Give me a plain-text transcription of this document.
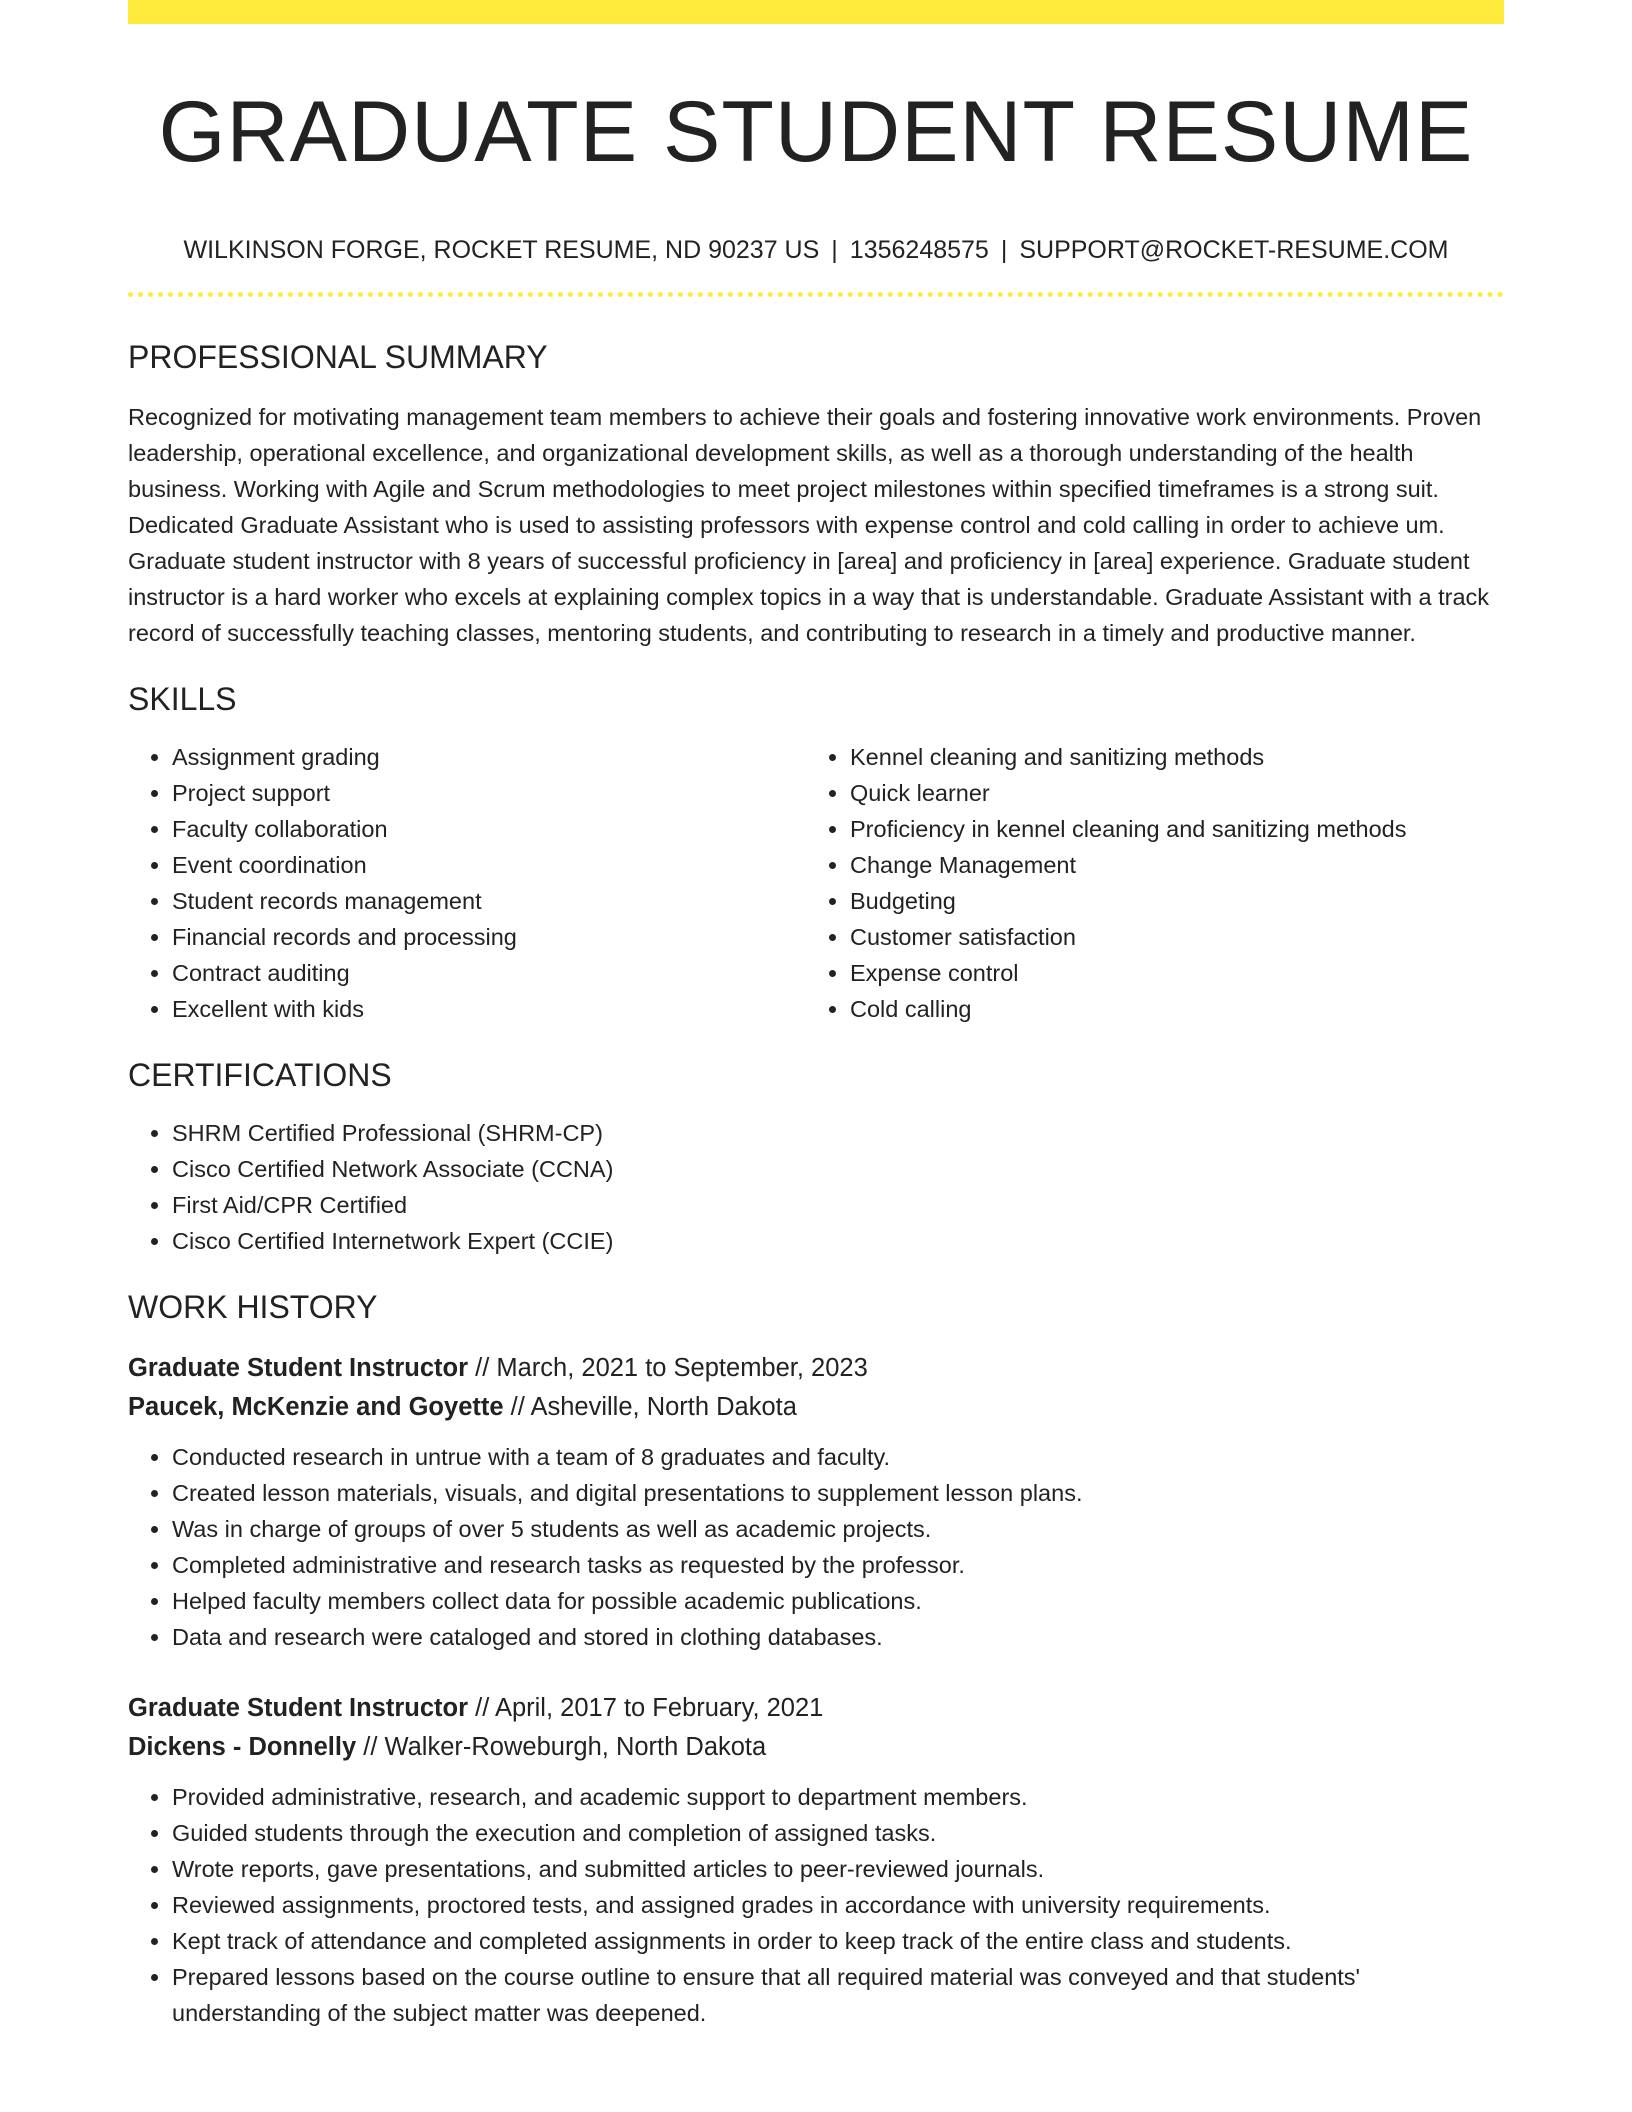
GRADUATE STUDENT RESUME
WILKINSON FORGE, ROCKET RESUME, ND 90237 US | 1356248575 | SUPPORT@ROCKET-RESUME.COM
PROFESSIONAL SUMMARY

Recognized for motivating management team members to achieve their goals and fostering innovative work environments. Proven leadership, operational excellence, and organizational development skills, as well as a thorough understanding of the health business. Working with Agile and Scrum methodologies to meet project milestones within specified timeframes is a strong suit. Dedicated Graduate Assistant who is used to assisting professors with expense control and cold calling in order to achieve um. Graduate student instructor with 8 years of successful proficiency in [area] and proficiency in [area] experience. Graduate student instructor is a hard worker who excels at explaining complex topics in a way that is understandable. Graduate Assistant with a track record of successfully teaching classes, mentoring students, and contributing to research in a timely and productive manner.

SKILLS
• Assignment grading
• Project support
• Faculty collaboration
• Event coordination
• Student records management
• Financial records and processing
• Contract auditing
• Excellent with kids
• Kennel cleaning and sanitizing methods
• Quick learner
• Proficiency in kennel cleaning and sanitizing methods
• Change Management
• Budgeting
• Customer satisfaction
• Expense control
• Cold calling
CERTIFICATIONS
• SHRM Certified Professional (SHRM-CP)
• Cisco Certified Network Associate (CCNA)
• First Aid/CPR Certified
• Cisco Certified Internetwork Expert (CCIE)
WORK HISTORY
Graduate Student Instructor // March, 2021 to September, 2023
Paucek, McKenzie and Goyette // Asheville, North Dakota
• Conducted research in untrue with a team of 8 graduates and faculty.
• Created lesson materials, visuals, and digital presentations to supplement lesson plans.
• Was in charge of groups of over 5 students as well as academic projects.
• Completed administrative and research tasks as requested by the professor.
• Helped faculty members collect data for possible academic publications.
• Data and research were cataloged and stored in clothing databases.
Graduate Student Instructor // April, 2017 to February, 2021
Dickens - Donnelly // Walker-Roweburgh, North Dakota
• Provided administrative, research, and academic support to department members.
• Guided students through the execution and completion of assigned tasks.
• Wrote reports, gave presentations, and submitted articles to peer-reviewed journals.
• Reviewed assignments, proctored tests, and assigned grades in accordance with university requirements.
• Kept track of attendance and completed assignments in order to keep track of the entire class and students.
• Prepared lessons based on the course outline to ensure that all required material was conveyed and that students' understanding of the subject matter was deepened.
